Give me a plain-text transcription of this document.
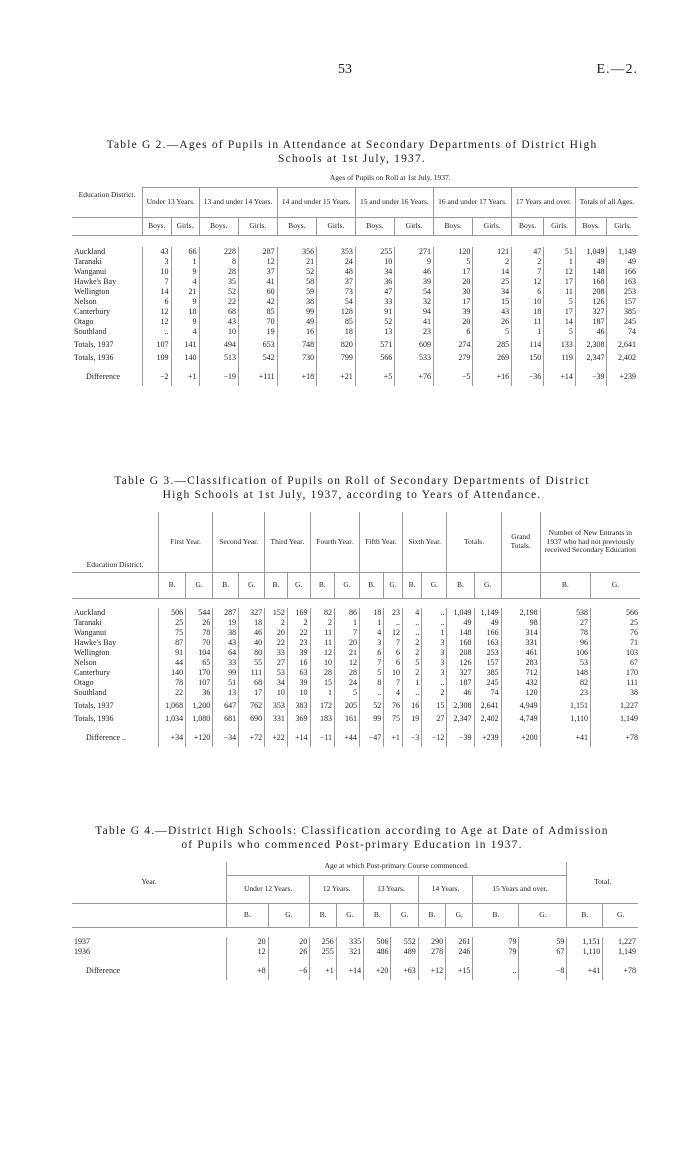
53	E.—2.
Table G 2.—Ages of Pupils in Attendance at Secondary Departments of District High
Schools at 1st July, 1937.
Education District.	Ages of Pupils on Roll at 1st July, 1937.													
	Under 13 Years.		13 and under 14 Years.		14 and under 15 Years.		15 and under 16 Years.		16 and under 17 Years.		17 Years and over.		Totals of all Ages.	
	Boys.	Girls.	Boys.	Girls.	Boys.	Girls.	Boys.	Girls.	Boys.	Girls.	Boys.	Girls.	Boys.	Girls.

Auckland	43	66	228	287	356	353	255	271	120	121	47	51	1,049	1,149
Taranaki	3	1	8	12	21	24	10	9	5	2	2	1	49	49
Wanganui	10	9	28	37	52	48	34	46	17	14	7	12	148	166
Hawke's Bay	7	4	35	41	58	37	36	39	20	25	12	17	168	163
Wellington	14	21	52	60	59	73	47	54	30	34	6	11	208	253
Nelson	6	9	22	42	38	54	33	32	17	15	10	5	126	157
Canterbury	12	18	68	85	99	128	91	94	39	43	18	17	327	385
Otago	12	9	43	70	49	85	52	41	20	26	11	14	187	245
Southland	..	4	10	19	16	18	13	23	6	5	1	5	46	74
Totals, 1937	107	141	494	653	748	820	571	609	274	285	114	133	2,308	2,641
Totals, 1936	109	140	513	542	730	799	566	533	279	269	150	119	2,347	2,402
Difference	−2	+1	−19	+111	+18	+21	+5	+76	−5	+16	−36	+14	−39	+239
Table G 3.—Classification of Pupils on Roll of Secondary Departments of District
High Schools at 1st July, 1937, according to Years of Attendance.
Education District.	First Year.		Second Year.		Third Year.		Fourth Year.		Fifth Year.		Sixth Year.		Totals.		Grand Totals.	Number of New Entrants in 1937 who had not previously received Secondary Education	
	B.	G.	B.	G.	B.	G.	B.	G.	B.	G.	B.	G.	B.	G.		B.	G.

Auckland	506	544	287	327	152	169	82	86	18	23	4	..	1,049	1,149	2,198	538	566
Taranaki	25	26	19	18	2	2	2	1	1	..	..	..	49	49	98	27	25
Wanganui	75	78	38	46	20	22	11	7	4	12	..	1	148	166	314	78	76
Hawke's Bay	87	70	43	40	22	23	11	20	3	7	2	3	168	163	331	96	71
Wellington	91	104	64	80	33	39	12	21	6	6	2	3	208	253	461	106	103
Nelson	44	65	33	55	27	16	10	12	7	6	5	3	126	157	283	53	67
Canterbury	140	170	99	111	53	63	28	28	5	10	2	3	327	385	712	148	170
Otago	78	107	51	68	34	39	15	24	8	7	1	..	187	245	432	82	111
Southland	22	36	13	17	10	10	1	5	..	4	..	2	46	74	120	23	38
Totals, 1937	1,068	1,200	647	762	353	383	172	205	52	76	16	15	2,308	2,641	4,949	1,151	1,227
Totals, 1936	1,034	1,080	681	690	331	369	183	161	99	75	19	27	2,347	2,402	4,749	1,110	1,149
Difference ..	+34	+120	−34	+72	+22	+14	−11	+44	−47	+1	−3	−12	−39	+239	+200	+41	+78
Table G 4.—District High Schools: Classification according to Age at Date of Admission
of Pupils who commenced Post-primary Education in 1937.
Year.	Age at which Post-primary Course commenced.										Total.	
	Under 12 Years.		12 Years.		13 Years.		14 Years.		15 Years and over.			
	B.	G.	B.	G.	B.	G.	B.	G.	B.	G.	B.	G.

1937	20	20	256	335	506	552	290	261	79	59	1,151	1,227
1936	12	26	255	321	486	489	278	246	79	67	1,110	1,149
Difference	+8	−6	+1	+14	+20	+63	+12	+15	..	−8	+41	+78
